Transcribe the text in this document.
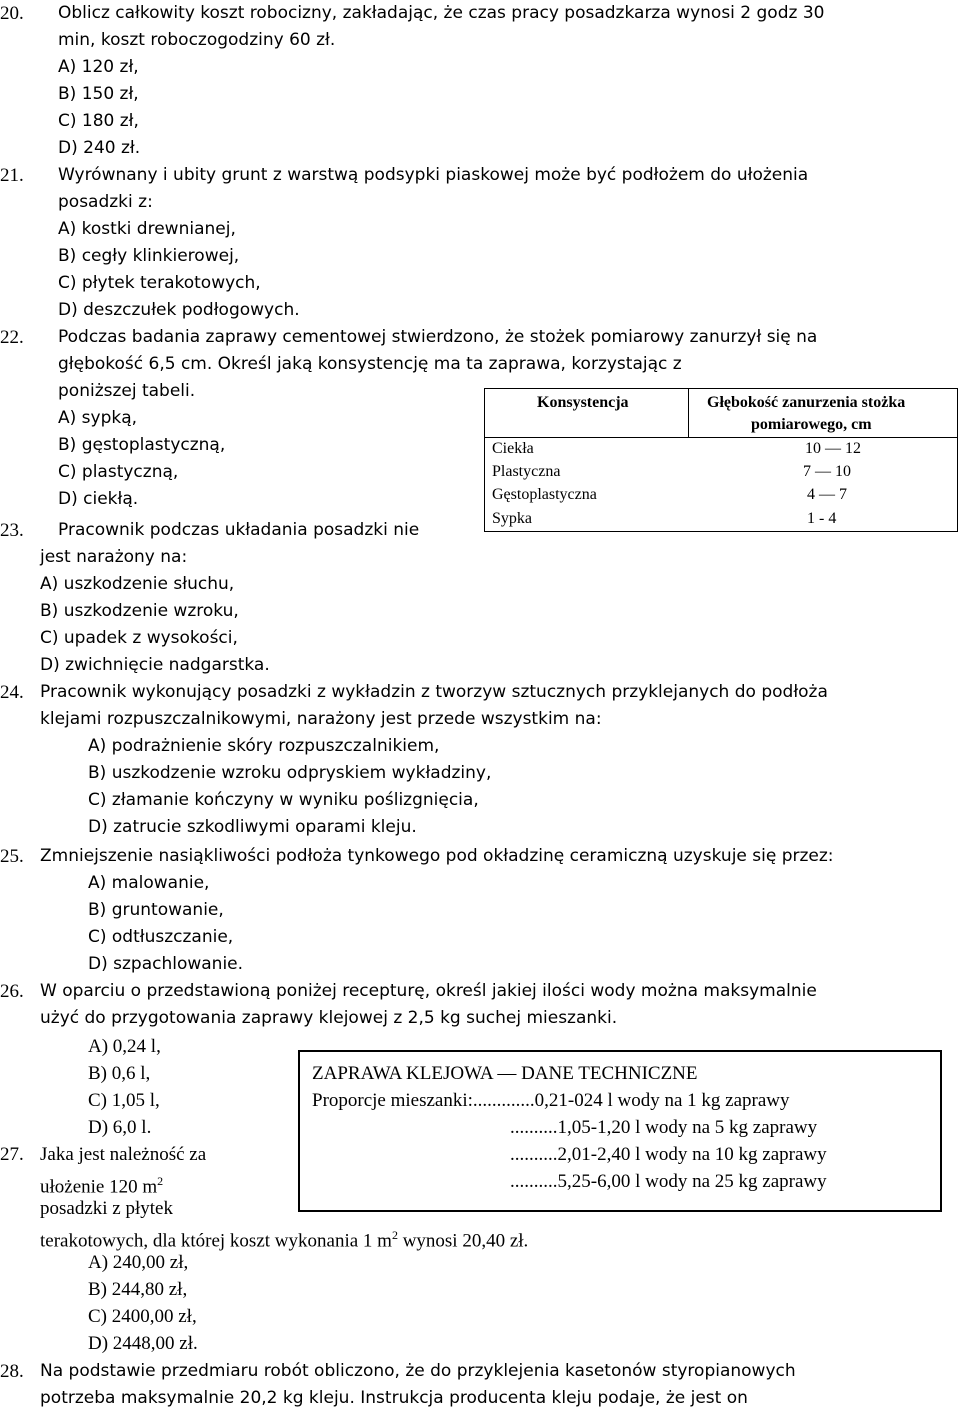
20. Oblicz całkowity koszt robocizny, zakładając, że czas pracy posadzkarza wynosi 2 godz 30
min, koszt roboczogodziny 60 zł.
A) 120 zł,
B) 150 zł,
C) 180 zł,
D) 240 zł.
21. Wyrównany i ubity grunt z warstwą podsypki piaskowej może być podłożem do ułożenia
posadzki z:
A) kostki drewnianej,
B) cegły klinkierowej,
C) płytek terakotowych,
D) deszczułek podłogowych.
22. Podczas badania zaprawy cementowej stwierdzono, że stożek pomiarowy zanurzył się na
głębokość 6,5 cm. Określ jaką konsystencję ma ta zaprawa, korzystając z
poniższej tabeli.
A) sypką,
B) gęstoplastyczną,
C) plastyczną,
D) ciekłą.
Konsystencja	Głębokość zanurzenia stożka
pomiarowego, cm
Ciekła	10 — 12
Plastyczna	7 — 10
Gęstoplastyczna	4 — 7
Sypka	1 - 4
23. Pracownik podczas układania posadzki nie
jest narażony na:
A) uszkodzenie słuchu,
B) uszkodzenie wzroku,
C) upadek z wysokości,
D) zwichnięcie nadgarstka.
24. Pracownik wykonujący posadzki z wykładzin z tworzyw sztucznych przyklejanych do podłoża
klejami rozpuszczalnikowymi, narażony jest przede wszystkim na:
A) podrażnienie skóry rozpuszczalnikiem,
B) uszkodzenie wzroku odpryskiem wykładziny,
C) złamanie kończyny w wyniku poślizgnięcia,
D) zatrucie szkodliwymi oparami kleju.
25. Zmniejszenie nasiąkliwości podłoża tynkowego pod okładzinę ceramiczną uzyskuje się przez:
A) malowanie,
B) gruntowanie,
C) odtłuszczanie,
D) szpachlowanie.
26. W oparciu o przedstawioną poniżej recepturę, określ jakiej ilości wody można maksymalnie
użyć do przygotowania zaprawy klejowej z 2,5 kg suchej mieszanki.
A) 0,24 l,
B) 0,6 l,
C) 1,05 l,
D) 6,0 l.
ZAPRAWA KLEJOWA — DANE TECHNICZNE
Proporcje mieszanki:.............0,21-024 l wody na 1 kg zaprawy
..........1,05-1,20 l wody na 5 kg zaprawy
..........2,01-2,40 l wody na 10 kg zaprawy
..........5,25-6,00 l wody na 25 kg zaprawy
27. Jaka jest należność za
ułożenie 120 $m^2$
posadzki z płytek
terakotowych, dla której koszt wykonania 1 $m^2$ wynosi 20,40 zł.
A) 240,00 zł,
B) 244,80 zł,
C) 2400,00 zł,
D) 2448,00 zł.
28. Na podstawie przedmiaru robót obliczono, że do przyklejenia kasetonów styropianowych
potrzeba maksymalnie 20,2 kg kleju. Instrukcja producenta kleju podaje, że jest on
